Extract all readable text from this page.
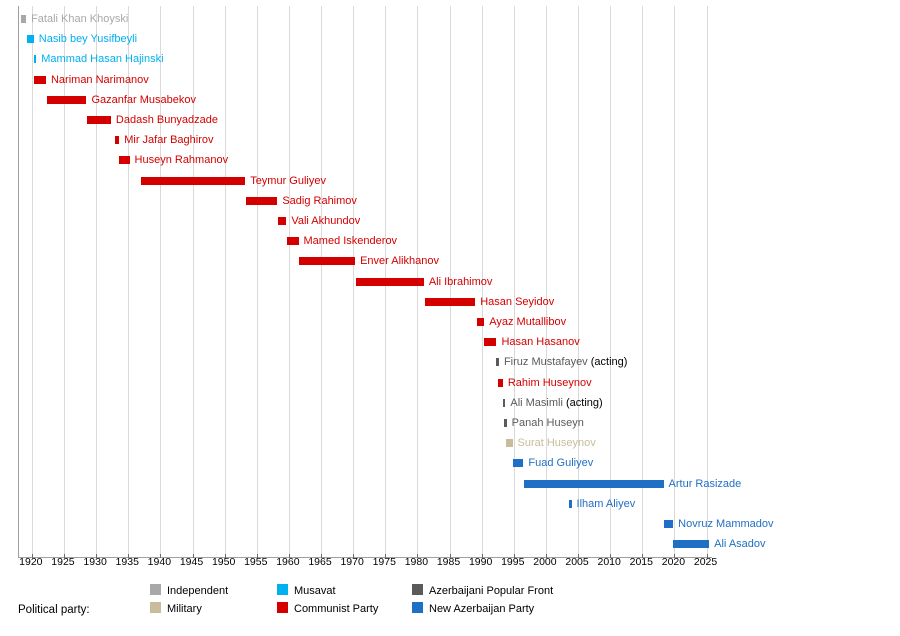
Fatali Khan Khoyski
Nasib bey Yusifbeyli
Mammad Hasan Hajinski
Nariman Narimanov
Gazanfar Musabekov
Dadash Bunyadzade
Mir Jafar Baghirov
Huseyn Rahmanov
Teymur Guliyev
Sadig Rahimov
Vali Akhundov
Mamed Iskenderov
Enver Alikhanov
Ali Ibrahimov
Hasan Seyidov
Ayaz Mutallibov
Hasan Hasanov
Firuz Mustafayev (acting)
Rahim Huseynov
Ali Masimli (acting)
Panah Huseyn
Surat Huseynov
Fuad Guliyev
Artur Rasizade
Ilham Aliyev
Novruz Mammadov
Ali Asadov
1920 1925 1930 1935 1940 1945 1950 1955 1960 1965 1970 1975 1980 1985 1990 1995 2000 2005 2010 2015 2020 2025
Political party:
Independent
Military
Musavat
Communist Party
Azerbaijani Popular Front
New Azerbaijan Party
